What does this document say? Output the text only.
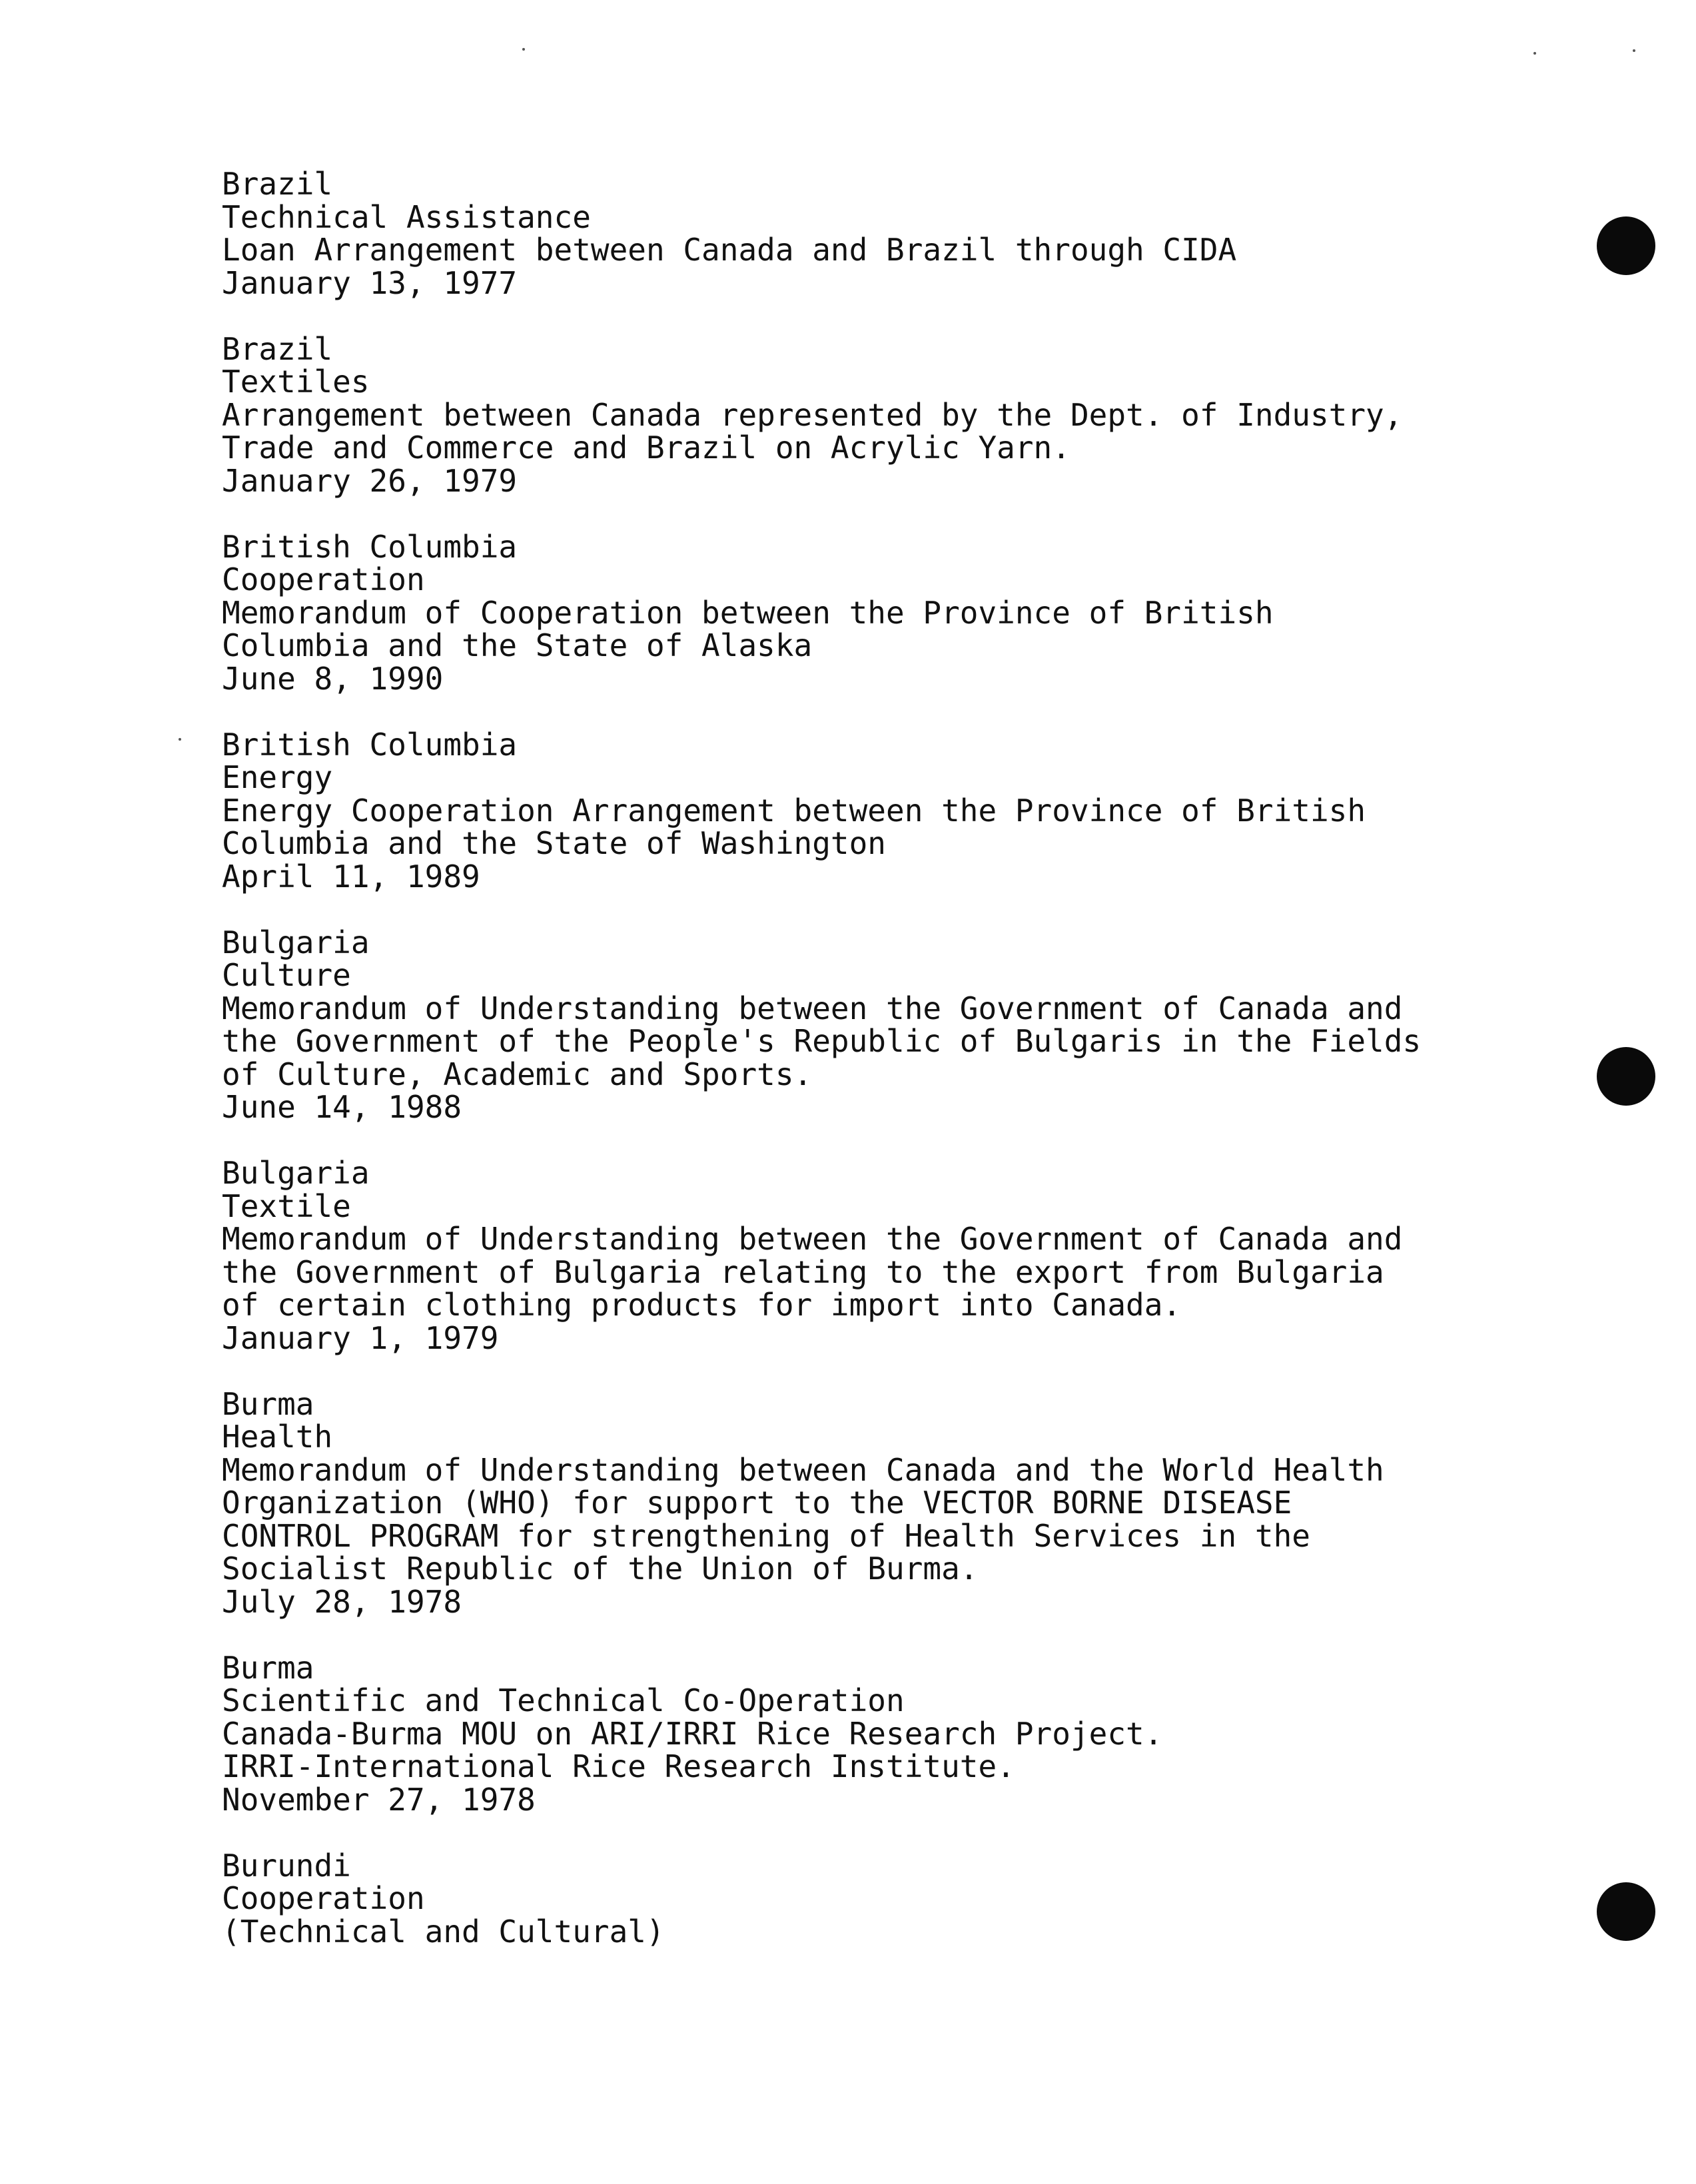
Brazil
Technical Assistance
Loan Arrangement between Canada and Brazil through CIDA
January 13, 1977
Brazil
Textiles
Arrangement between Canada represented by the Dept. of Industry,
Trade and Commerce and Brazil on Acrylic Yarn.
January 26, 1979
British Columbia
Cooperation
Memorandum of Cooperation between the Province of British
Columbia and the State of Alaska
June 8, 1990
British Columbia
Energy
Energy Cooperation Arrangement between the Province of British
Columbia and the State of Washington
April 11, 1989
Bulgaria
Culture
Memorandum of Understanding between the Government of Canada and
the Government of the People's Republic of Bulgaris in the Fields
of Culture, Academic and Sports.
June 14, 1988
Bulgaria
Textile
Memorandum of Understanding between the Government of Canada and
the Government of Bulgaria relating to the export from Bulgaria
of certain clothing products for import into Canada.
January 1, 1979
Burma
Health
Memorandum of Understanding between Canada and the World Health
Organization (WHO) for support to the VECTOR BORNE DISEASE
CONTROL PROGRAM for strengthening of Health Services in the
Socialist Republic of the Union of Burma.
July 28, 1978
Burma
Scientific and Technical Co-Operation
Canada-Burma MOU on ARI/IRRI Rice Research Project.
IRRI-International Rice Research Institute.
November 27, 1978
Burundi
Cooperation
(Technical and Cultural)
